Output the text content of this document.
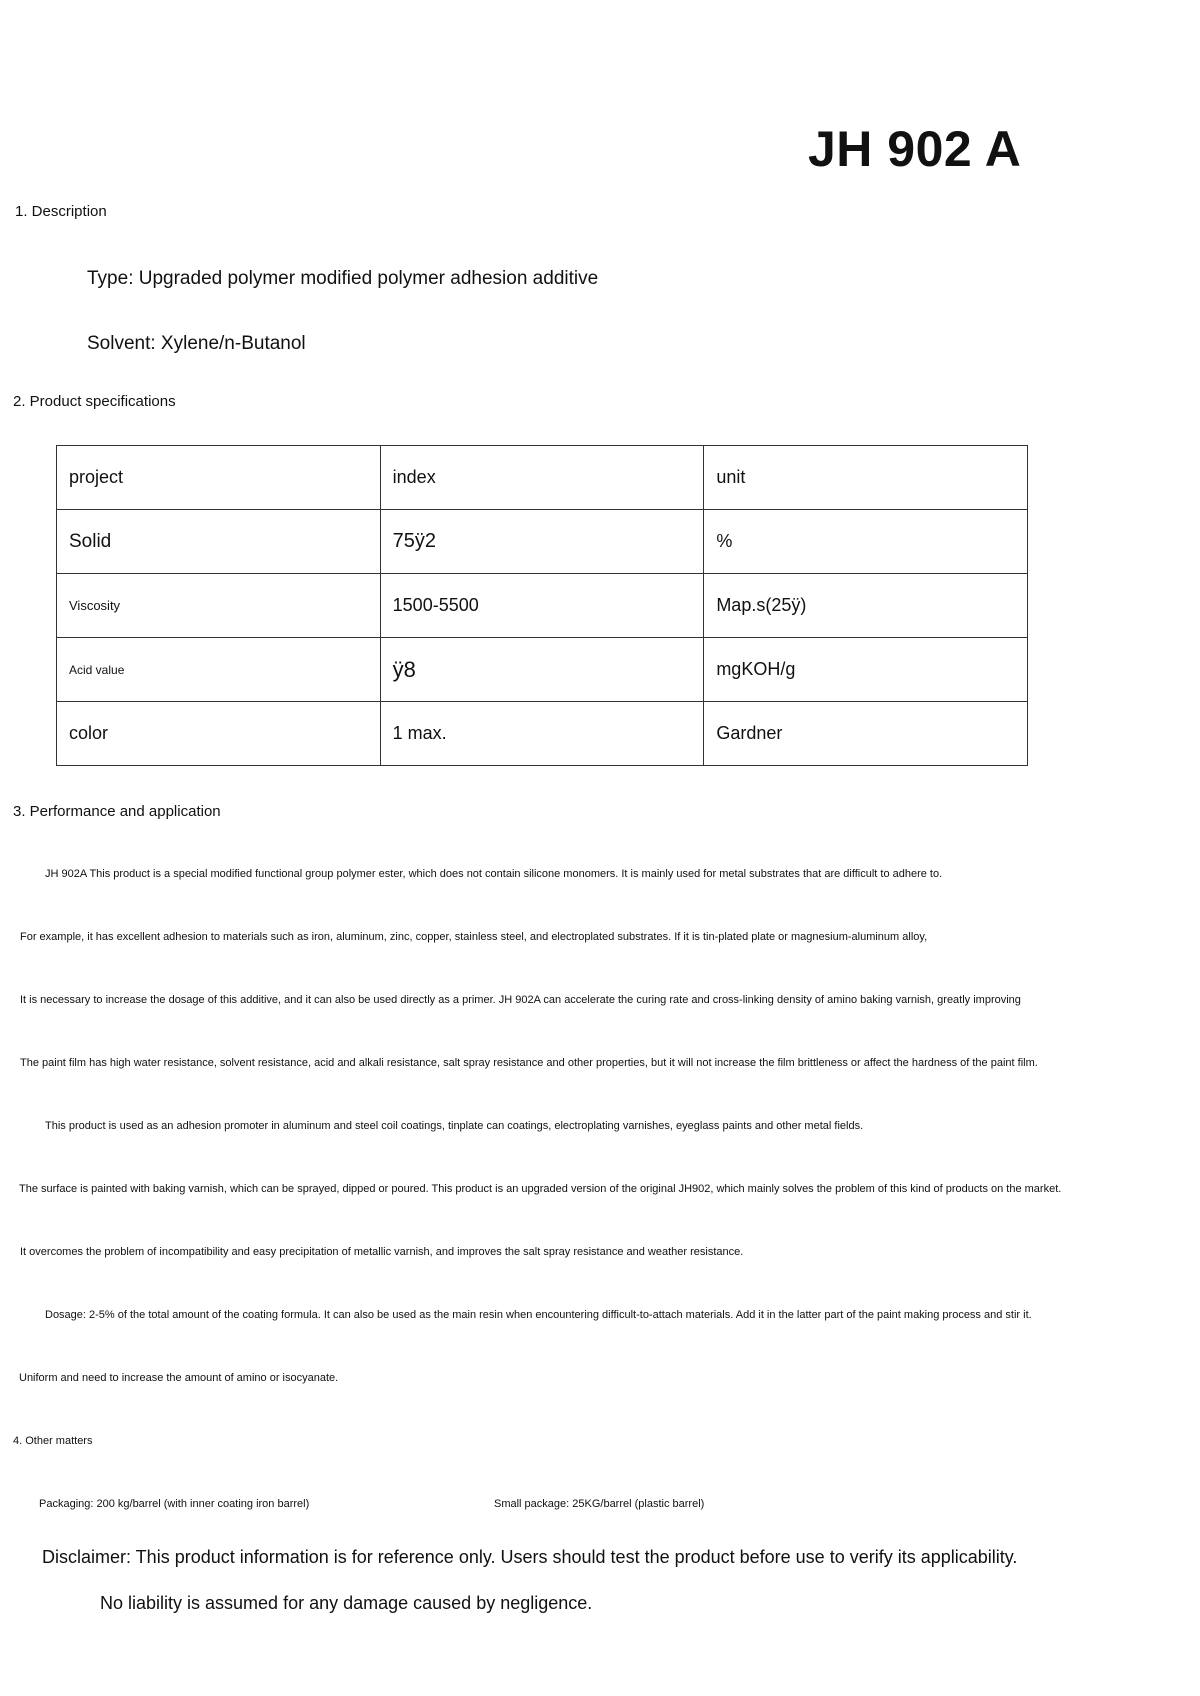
JH 902 A
1. Description
Type: Upgraded polymer modified polymer adhesion additive
Solvent: Xylene/n-Butanol
2. Product specifications
project	index	unit
Solid	75ÿ2	%
Viscosity	1500-5500	Map.s(25ÿ)
Acid value	ÿ8	mgKOH/g
color	1 max.	Gardner
3. Performance and application
JH 902A This product is a special modified functional group polymer ester, which does not contain silicone monomers. It is mainly used for metal substrates that are difficult to adhere to.
For example, it has excellent adhesion to materials such as iron, aluminum, zinc, copper, stainless steel, and electroplated substrates. If it is tin-plated plate or magnesium-aluminum alloy,
It is necessary to increase the dosage of this additive, and it can also be used directly as a primer. JH 902A can accelerate the curing rate and cross-linking density of amino baking varnish, greatly improving
The paint film has high water resistance, solvent resistance, acid and alkali resistance, salt spray resistance and other properties, but it will not increase the film brittleness or affect the hardness of the paint film.
This product is used as an adhesion promoter in aluminum and steel coil coatings, tinplate can coatings, electroplating varnishes, eyeglass paints and other metal fields.
The surface is painted with baking varnish, which can be sprayed, dipped or poured. This product is an upgraded version of the original JH902, which mainly solves the problem of this kind of products on the market.
It overcomes the problem of incompatibility and easy precipitation of metallic varnish, and improves the salt spray resistance and weather resistance.
Dosage: 2-5% of the total amount of the coating formula. It can also be used as the main resin when encountering difficult-to-attach materials. Add it in the latter part of the paint making process and stir it.
Uniform and need to increase the amount of amino or isocyanate.
4. Other matters
Packaging: 200 kg/barrel (with inner coating iron barrel)	Small package: 25KG/barrel (plastic barrel)
Disclaimer: This product information is for reference only. Users should test the product before use to verify its applicability.
No liability is assumed for any damage caused by negligence.
